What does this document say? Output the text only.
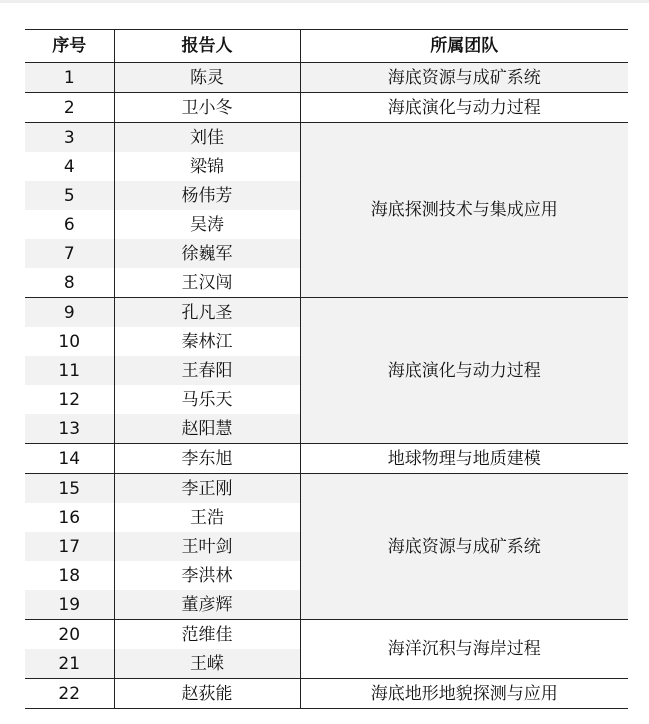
序号	报告人	所属团队
1	陈灵	海底资源与成矿系统
2	卫小冬	海底演化与动力过程
3	刘佳	海底探测技术与集成应用
4	梁锦	
5	杨伟芳	
6	吴涛	
7	徐巍军	
8	王汉闯	
9	孔凡圣	海底演化与动力过程
10	秦林江	
11	王春阳	
12	马乐天	
13	赵阳慧	
14	李东旭	地球物理与地质建模
15	李正刚	海底资源与成矿系统
16	王浩	
17	王叶剑	
18	李洪林	
19	董彦辉	
20	范维佳	海洋沉积与海岸过程
21	王嵘	
22	赵荻能	海底地形地貌探测与应用
